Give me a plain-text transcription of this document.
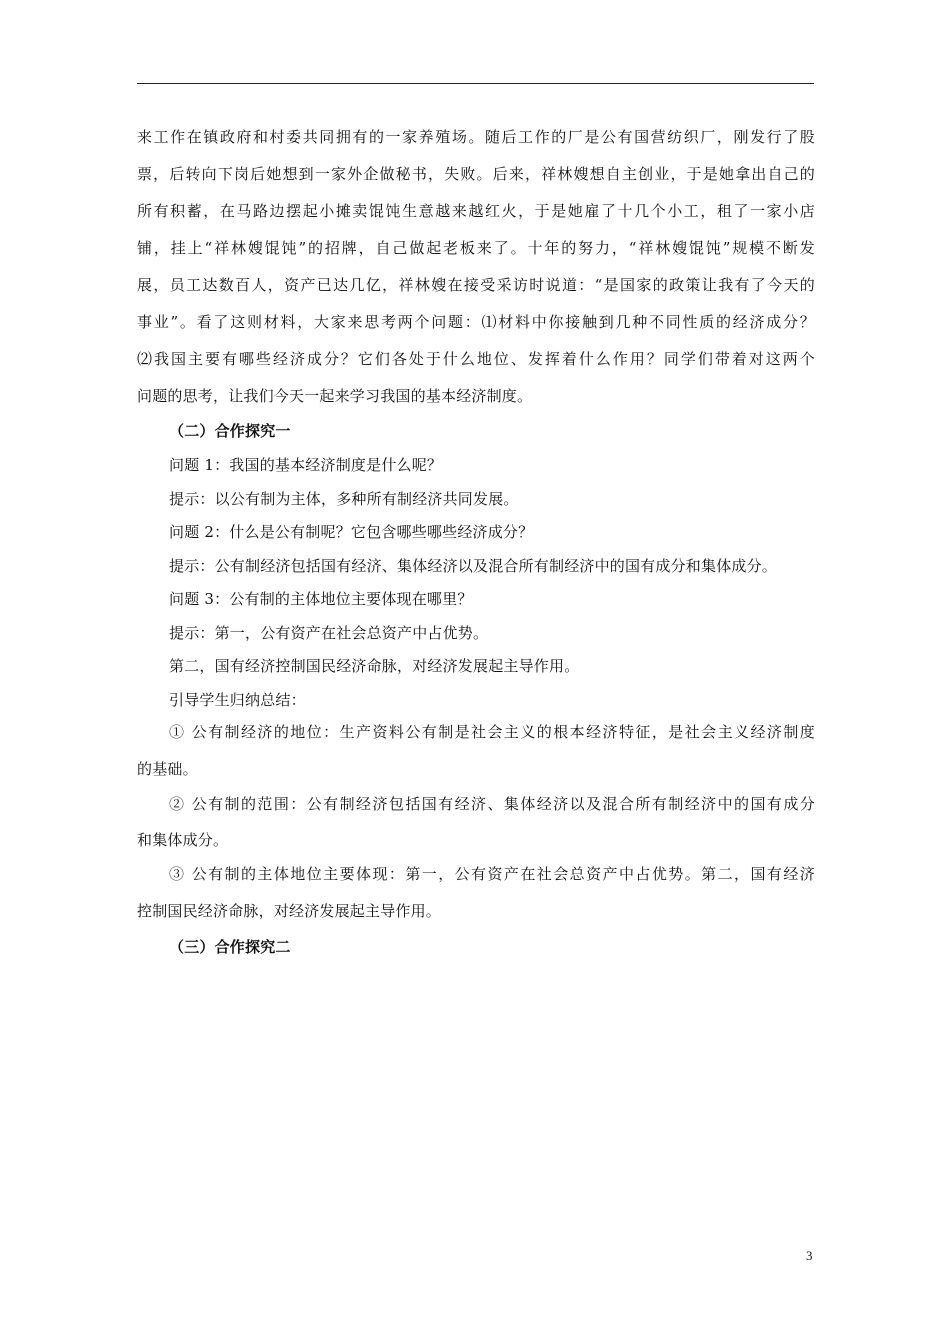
来工作在镇政府和村委共同拥有的一家养殖场。随后工作的厂是公有国营纺织厂，刚发行了股
票，后转向下岗后她想到一家外企做秘书，失败。后来，祥林嫂想自主创业，于是她拿出自己的
所有积蓄，在马路边摆起小摊卖馄饨生意越来越红火，于是她雇了十几个小工，租了一家小店
铺，挂上“祥林嫂馄饨”的招牌，自己做起老板来了。十年的努力，“祥林嫂馄饨”规模不断发
展，员工达数百人，资产已达几亿，祥林嫂在接受采访时说道：“是国家的政策让我有了今天的
事业”。看了这则材料，大家来思考两个问题：⑴材料中你接触到几种不同性质的经济成分？
⑵我国主要有哪些经济成分？它们各处于什么地位、发挥着什么作用？同学们带着对这两个
问题的思考，让我们今天一起来学习我国的基本经济制度。
（二）合作探究一
问题 1：我国的基本经济制度是什么呢？
提示：以公有制为主体，多种所有制经济共同发展。
问题 2：什么是公有制呢？它包含哪些哪些经济成分？
提示：公有制经济包括国有经济、集体经济以及混合所有制经济中的国有成分和集体成分。
问题 3：公有制的主体地位主要体现在哪里？
提示：第一，公有资产在社会总资产中占优势。
第二，国有经济控制国民经济命脉，对经济发展起主导作用。
引导学生归纳总结：
① 公有制经济的地位：生产资料公有制是社会主义的根本经济特征，是社会主义经济制度
的基础。
② 公有制的范围：公有制经济包括国有经济、集体经济以及混合所有制经济中的国有成分
和集体成分。
③ 公有制的主体地位主要体现：第一，公有资产在社会总资产中占优势。第二，国有经济
控制国民经济命脉，对经济发展起主导作用。
（三）合作探究二
3
